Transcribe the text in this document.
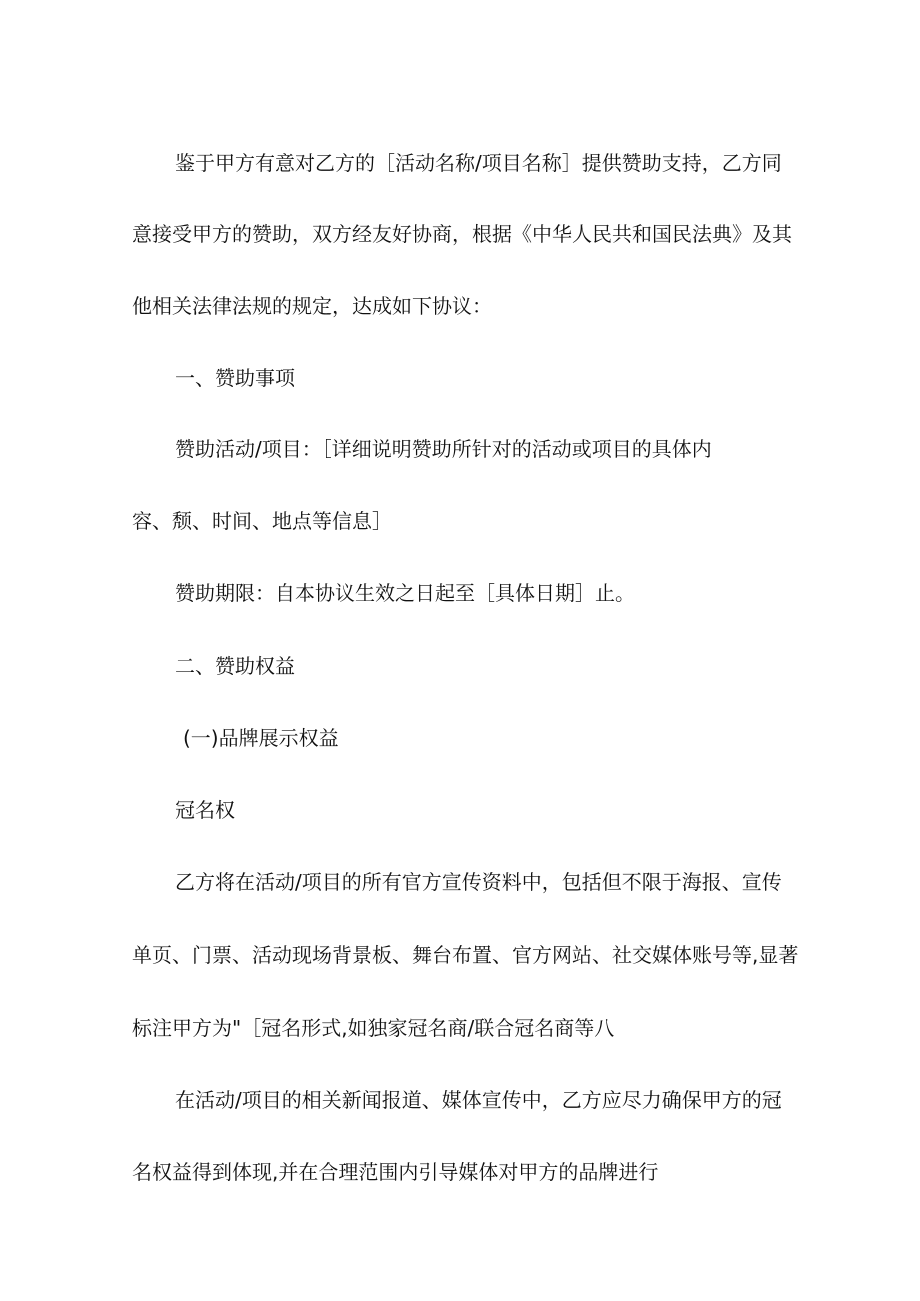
鉴于甲方有意对乙方的［活动名称/项目名称］提供赞助支持，乙方同
意接受甲方的赞助，双方经友好协商，根据《中华人民共和国民法典》及其
他相关法律法规的规定，达成如下协议：
一、赞助事项
赞助活动/项目：［详细说明赞助所针对的活动或项目的具体内
容、颓、时间、地点等信息］
赞助期限：自本协议生效之日起至［具体日期］止。
二、赞助权益
(一)品牌展示权益
冠名权
乙方将在活动/项目的所有官方宣传资料中，包括但不限于海报、宣传
单页、门票、活动现场背景板、舞台布置、官方网站、社交媒体账号等,显著
标注甲方为"［冠名形式,如独家冠名商/联合冠名商等八
在活动/项目的相关新闻报道、媒体宣传中，乙方应尽力确保甲方的冠
名权益得到体现,并在合理范围内引导媒体对甲方的品牌进行
